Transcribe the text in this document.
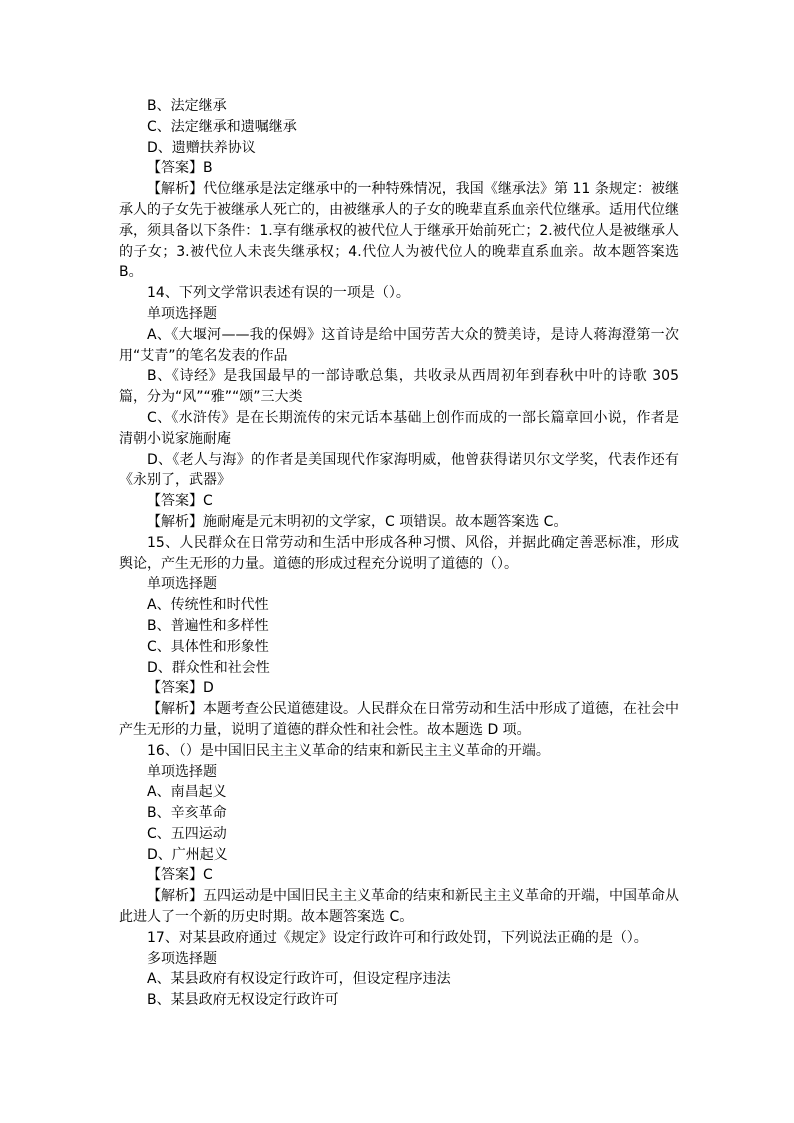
B、法定继承

C、法定继承和遗嘱继承

D、遗赠扶养协议

【答案】B

【解析】代位继承是法定继承中的一种特殊情况，我国《继承法》第 11 条规定：被继承人的子女先于被继承人死亡的，由被继承人的子女的晚辈直系血亲代位继承。适用代位继承，须具备以下条件：1.享有继承权的被代位人于继承开始前死亡；2.被代位人是被继承人的子女；3.被代位人未丧失继承权；4.代位人为被代位人的晚辈直系血亲。故本题答案选 B。

14、下列文学常识表述有误的一项是（）。

单项选择题

A、《大堰河——我的保姆》这首诗是给中国劳苦大众的赞美诗，是诗人蒋海澄第一次用“艾青”的笔名发表的作品

B、《诗经》是我国最早的一部诗歌总集，共收录从西周初年到春秋中叶的诗歌 305 篇，分为“风”“雅”“颂”三大类

C、《水浒传》是在长期流传的宋元话本基础上创作而成的一部长篇章回小说，作者是清朝小说家施耐庵

D、《老人与海》的作者是美国现代作家海明威，他曾获得诺贝尔文学奖，代表作还有《永别了，武器》

【答案】C

【解析】施耐庵是元末明初的文学家，C 项错误。故本题答案选 C。

15、人民群众在日常劳动和生活中形成各种习惯、风俗，并据此确定善恶标准，形成舆论，产生无形的力量。道德的形成过程充分说明了道德的（）。

单项选择题

A、传统性和时代性

B、普遍性和多样性

C、具体性和形象性

D、群众性和社会性

【答案】D

【解析】本题考查公民道德建设。人民群众在日常劳动和生活中形成了道德，在社会中产生无形的力量，说明了道德的群众性和社会性。故本题选 D 项。

16、（）是中国旧民主主义革命的结束和新民主主义革命的开端。

单项选择题

A、南昌起义

B、辛亥革命

C、五四运动

D、广州起义

【答案】C

【解析】五四运动是中国旧民主主义革命的结束和新民主主义革命的开端，中国革命从此进人了一个新的历史时期。故本题答案选 C。

17、对某县政府通过《规定》设定行政许可和行政处罚，下列说法正确的是（）。

多项选择题

A、某县政府有权设定行政许可，但设定程序违法

B、某县政府无权设定行政许可
